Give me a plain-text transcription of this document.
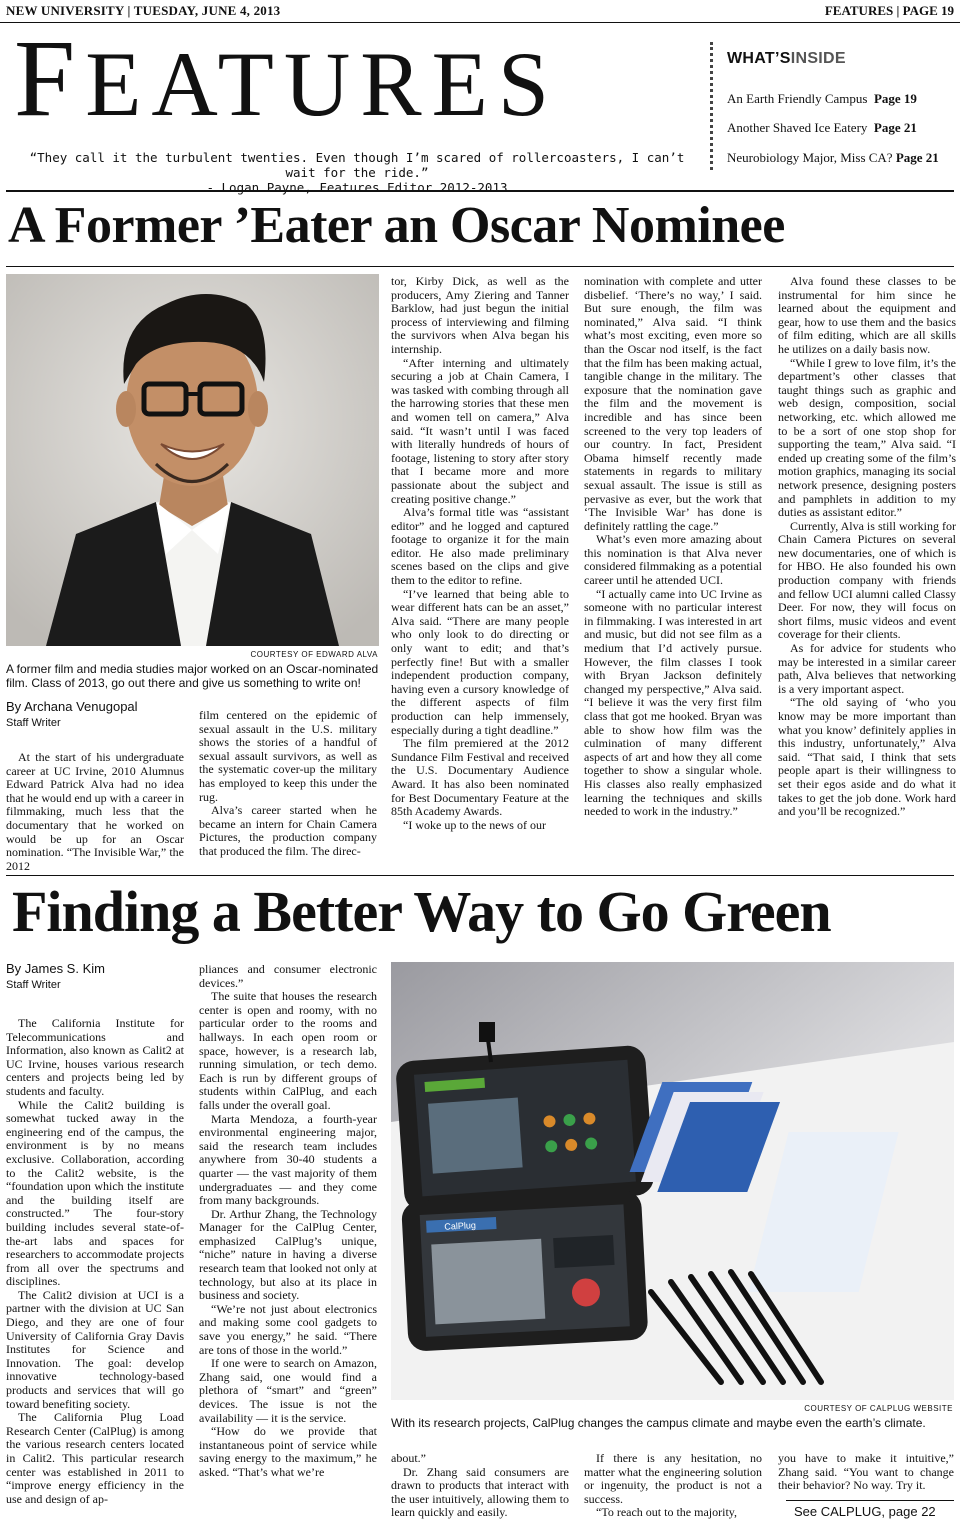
NEW UNIVERSITY | TUESDAY, JUNE 4, 2013	FEATURES | PAGE 19
FEATURES
“They call it the turbulent twenties. Even though I’m scared of rollercoasters, I can’t wait for the ride.”
- Logan Payne, Features Editor 2012-2013
WHAT’SINSIDE
An Earth Friendly Campus Page 19
Another Shaved Ice Eatery Page 21
Neurobiology Major, Miss CA? Page 21
A Former ’Eater an Oscar Nominee
COURTESY OF EDWARD ALVA
A former film and media studies major worked on an Oscar-nominated film. Class of 2013, go out there and give us something to write on!
By Archana Venugopal
Staff Writer

At the start of his undergraduate career at UC Irvine, 2010 Alumnus Edward Patrick Alva had no idea that he would end up with a career in filmmaking, much less that the documentary that he worked on would be up for an Oscar nomination. “The Invisible War,” the 2012

film centered on the epidemic of sexual assault in the U.S. military shows the stories of a handful of sexual assault survivors, as well as the systematic cover-up the military has employed to keep this under the rug.

Alva’s career started when he became an intern for Chain Camera Pictures, the production company that produced the film. The direc-

tor, Kirby Dick, as well as the producers, Amy Ziering and Tanner Barklow, had just begun the initial process of interviewing and filming the survivors when Alva began his internship.

“After interning and ultimately securing a job at Chain Camera, I was tasked with combing through all the harrowing stories that these men and women tell on camera,” Alva said. “It wasn’t until I was faced with literally hundreds of hours of footage, listening to story after story that I became more and more passionate about the subject and creating positive change.”

Alva’s formal title was “assistant editor” and he logged and captured footage to organize it for the main editor. He also made preliminary scenes based on the clips and give them to the editor to refine.

“I’ve learned that being able to wear different hats can be an asset,” Alva said. “There are many people who only look to do directing or only want to edit; and that’s perfectly fine! But with a smaller independent production company, having even a cursory knowledge of the different aspects of film production can help immensely, especially during a tight deadline.”

The film premiered at the 2012 Sundance Film Festival and received the U.S. Documentary Audience Award. It has also been nominated for Best Documentary Feature at the 85th Academy Awards.

“I woke up to the news of our

nomination with complete and utter disbelief. ‘There’s no way,’ I said. But sure enough, the film was nominated,” Alva said. “I think what’s most exciting, even more so than the Oscar nod itself, is the fact that the film has been making actual, tangible change in the military. The exposure that the nomination gave the film and the movement is incredible and has since been screened to the very top leaders of our country. In fact, President Obama himself recently made statements in regards to military sexual assault. The issue is still as pervasive as ever, but the work that ‘The Invisible War’ has done is definitely rattling the cage.”

What’s even more amazing about this nomination is that Alva never considered filmmaking as a potential career until he attended UCI.

“I actually came into UC Irvine as someone with no particular interest in filmmaking. I was interested in art and music, but did not see film as a medium that I’d actively pursue. However, the film classes I took with Bryan Jackson definitely changed my perspective,” Alva said. “I believe it was the very first film class that got me hooked. Bryan was able to show how film was the culmination of many different aspects of art and how they all come together to show a singular whole. His classes also really emphasized learning the techniques and skills needed to work in the industry.”

Alva found these classes to be instrumental for him since he learned about the equipment and gear, how to use them and the basics of film editing, which are all skills he utilizes on a daily basis now.

“While I grew to love film, it’s the department’s other classes that taught things such as graphic and web design, composition, social networking, etc. which allowed me to be a sort of one stop shop for supporting the team,” Alva said. “I ended up creating some of the film’s motion graphics, managing its social network presence, designing posters and pamphlets in addition to my duties as assistant editor.”

Currently, Alva is still working for Chain Camera Pictures on several new documentaries, one of which is for HBO. He also founded his own production company with friends and fellow UCI alumni called Classy Deer. For now, they will focus on short films, music videos and event coverage for their clients.

As for advice for students who may be interested in a similar career path, Alva believes that networking is a very important aspect.

“The old saying of ‘who you know may be more important than what you know’ definitely applies in this industry, unfortunately,” Alva said. “That said, I think that sets people apart is their willingness to set their egos aside and do what it takes to get the job done. Work hard and you’ll be recognized.”

Finding a Better Way to Go Green
By James S. Kim
Staff Writer

The California Institute for Telecommunications and Information, also known as Calit2 at UC Irvine, houses various research centers and projects being led by students and faculty.

While the Calit2 building is somewhat tucked away in the engineering end of the campus, the environment is by no means exclusive. Collaboration, according to the Calit2 website, is the “foundation upon which the institute and the building itself are constructed.” The four-story building includes several state-of-the-art labs and spaces for researchers to accommodate projects from all over the spectrums and disciplines.

The Calit2 division at UCI is a partner with the division at UC San Diego, and they are one of four University of California Gray Davis Institutes for Science and Innovation. The goal: develop innovative technology-based products and services that will go toward benefiting society.

The California Plug Load Research Center (CalPlug) is among the various research centers located in Calit2. This particular research center was established in 2011 to “improve energy efficiency in the use and design of ap-

pliances and consumer electronic devices.”

The suite that houses the research center is open and roomy, with no particular order to the rooms and hallways. In each open room or space, however, is a research lab, running simulation, or tech demo. Each is run by different groups of students within CalPlug, and each falls under the overall goal.

Marta Mendoza, a fourth-year environmental engineering major, said the research team includes anywhere from 30-40 students a quarter — the vast majority of them undergraduates — and they come from many backgrounds.

Dr. Arthur Zhang, the Technology Manager for the CalPlug Center, emphasized CalPlug’s unique, “niche” nature in having a diverse research team that looked not only at technology, but also at its place in business and society.

“We’re not just about electronics and making some cool gadgets to save you energy,” he said. “There are tons of those in the world.”

If one were to search on Amazon, Zhang said, one would find a plethora of “smart” and “green” devices. The issue is not the availability — it is the service.

“How do we provide that instantaneous point of service while saving energy to the maximum,” he asked. “That’s what we’re

CalPlug
COURTESY OF CALPLUG WEBSITE
With its research projects, CalPlug changes the campus climate and maybe even the earth’s climate.

about.”

Dr. Zhang said consumers are drawn to products that interact with the user intuitively, allowing them to learn quickly and easily.

If there is any hesitation, no matter what the engineering solution or ingenuity, the product is not a success.

“To reach out to the majority,

you have to make it intuitive,” Zhang said. “You want to change their behavior? No way. Try it.

See CALPLUG, page 22
